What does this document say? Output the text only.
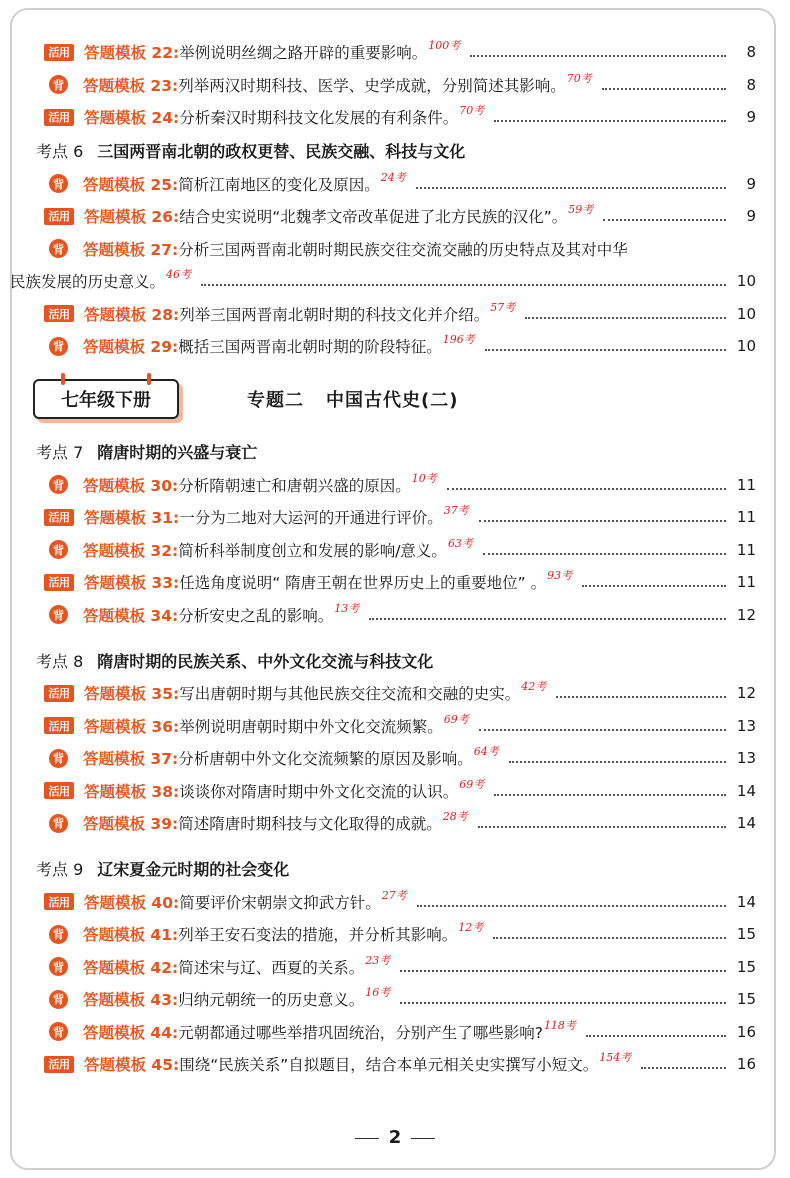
活用 答题模板 22: 举例说明丝绸之路开辟的重要影响。 100考	8
背 答题模板 23: 列举两汉时期科技、医学、史学成就，分别简述其影响。 70考	8
活用 答题模板 24: 分析秦汉时期科技文化发展的有利条件。 70考	9
考点 6 三国两晋南北朝的政权更替、民族交融、科技与文化
背 答题模板 25: 简析江南地区的变化及原因。 24考	9
活用 答题模板 26: 结合史实说明“北魏孝文帝改革促进了北方民族的汉化”。 59考	9
背 答题模板 27: 分析三国两晋南北朝时期民族交往交流交融的历史特点及其对中华
民族发展的历史意义。 46考	10
活用 答题模板 28: 列举三国两晋南北朝时期的科技文化并介绍。 57考	10
背 答题模板 29: 概括三国两晋南北朝时期的阶段特征。 196考	10
七年级下册	专题二 中国古代史(二)
考点 7 隋唐时期的兴盛与衰亡
背 答题模板 30: 分析隋朝速亡和唐朝兴盛的原因。 10考	11
活用 答题模板 31: 一分为二地对大运河的开通进行评价。 37考	11
背 答题模板 32: 简析科举制度创立和发展的影响/意义。 63考	11
活用 答题模板 33: 任选角度说明“ 隋唐王朝在世界历史上的重要地位” 。 93考	11
背 答题模板 34: 分析安史之乱的影响。 13考	12
考点 8 隋唐时期的民族关系、中外文化交流与科技文化
活用 答题模板 35: 写出唐朝时期与其他民族交往交流和交融的史实。 42考	12
活用 答题模板 36: 举例说明唐朝时期中外文化交流频繁。 69考	13
背 答题模板 37: 分析唐朝中外文化交流频繁的原因及影响。 64考	13
活用 答题模板 38: 谈谈你对隋唐时期中外文化交流的认识。 69考	14
背 答题模板 39: 简述隋唐时期科技与文化取得的成就。 28考	14
考点 9 辽宋夏金元时期的社会变化
活用 答题模板 40: 简要评价宋朝崇文抑武方针。 27考	14
背 答题模板 41: 列举王安石变法的措施，并分析其影响。 12考	15
背 答题模板 42: 简述宋与辽、西夏的关系。 23考	15
背 答题模板 43: 归纳元朝统一的历史意义。 16考	15
背 答题模板 44: 元朝都通过哪些举措巩固统治，分别产生了哪些影响? 118考	16
活用 答题模板 45: 围绕“民族关系”自拟题目，结合本单元相关史实撰写小短文。 154考	16
2
